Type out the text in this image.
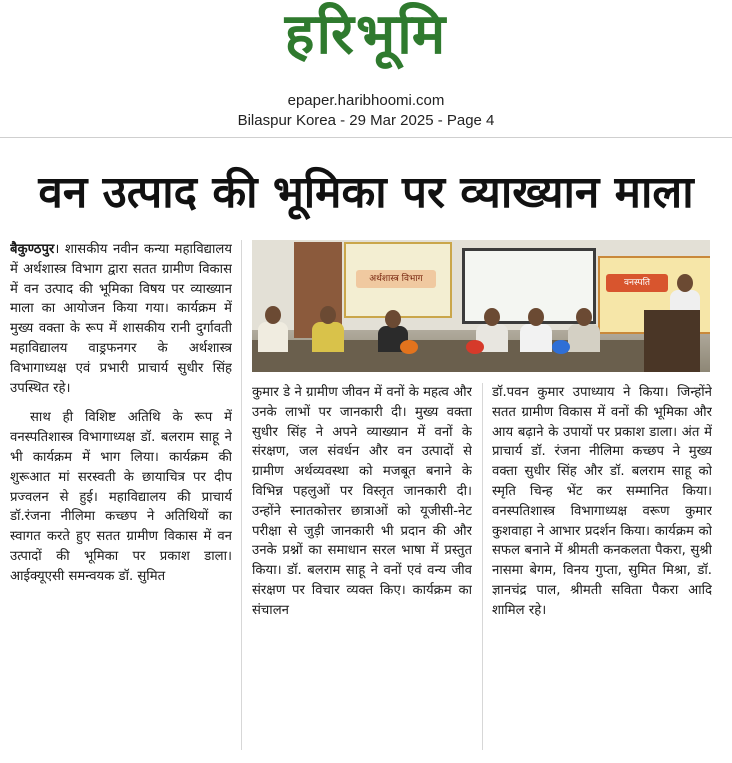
हरिभूमि
epaper.haribhoomi.com
Bilaspur Korea - 29 Mar 2025 - Page 4
वन उत्पाद की भूमिका पर व्याख्यान माला

बैकुण्ठपुर। शासकीय नवीन कन्या महाविद्यालय में अर्थशास्त्र विभाग द्वारा सतत ग्रामीण विकास में वन उत्पाद की भूमिका विषय पर व्याख्यान माला का आयोजन किया गया। कार्यक्रम में मुख्य वक्ता के रूप में शासकीय रानी दुर्गावती महाविद्यालय वाड्रफनगर के अर्थशास्त्र विभागाध्यक्ष एवं प्रभारी प्राचार्य सुधीर सिंह उपस्थित रहे।

साथ ही विशिष्ट अतिथि के रूप में वनस्पतिशास्त्र विभागाध्यक्ष डॉ. बलराम साहू ने भी कार्यक्रम में भाग लिया। कार्यक्रम की शुरूआत मां सरस्वती के छायाचित्र पर दीप प्रज्वलन से हुई। महाविद्यालय की प्राचार्य डॉ.रंजना नीलिमा कच्छप ने अतिथियों का स्वागत करते हुए सतत ग्रामीण विकास में वन उत्पादों की भूमिका पर प्रकाश डाला। आईक्यूएसी समन्वयक डॉ. सुमित

अर्थशास्त्र विभाग	वनस्पति
कुमार डे ने ग्रामीण जीवन में वनों के महत्व और उनके लाभों पर जानकारी दी। मुख्य वक्ता सुधीर सिंह ने अपने व्याख्यान में वनों के संरक्षण, जल संवर्धन और वन उत्पादों से ग्रामीण अर्थव्यवस्था को मजबूत बनाने के विभिन्न पहलुओं पर विस्तृत जानकारी दी। उन्होंने स्नातकोत्तर छात्राओं को यूजीसी-नेट परीक्षा से जुड़ी जानकारी भी प्रदान की और उनके प्रश्नों का समाधान सरल भाषा में प्रस्तुत किया। डॉ. बलराम साहू ने वनों एवं वन्य जीव संरक्षण पर विचार व्यक्त किए। कार्यक्रम का संचालन
डॉ.पवन कुमार उपाध्याय ने किया। जिन्होंने सतत ग्रामीण विकास में वनों की भूमिका और आय बढ़ाने के उपायों पर प्रकाश डाला। अंत में प्राचार्य डॉ. रंजना नीलिमा कच्छप ने मुख्य वक्ता सुधीर सिंह और डॉ. बलराम साहू को स्मृति चिन्ह भेंट कर सम्मानित किया। वनस्पतिशास्त्र विभागाध्यक्ष वरूण कुमार कुशवाहा ने आभार प्रदर्शन किया। कार्यक्रम को सफल बनाने में श्रीमती कनकलता पैकरा, सुश्री नासमा बेगम, विनय गुप्ता, सुमित मिश्रा, डॉ. ज्ञानचंद्र पाल, श्रीमती सविता पैकरा आदि शामिल रहे।
